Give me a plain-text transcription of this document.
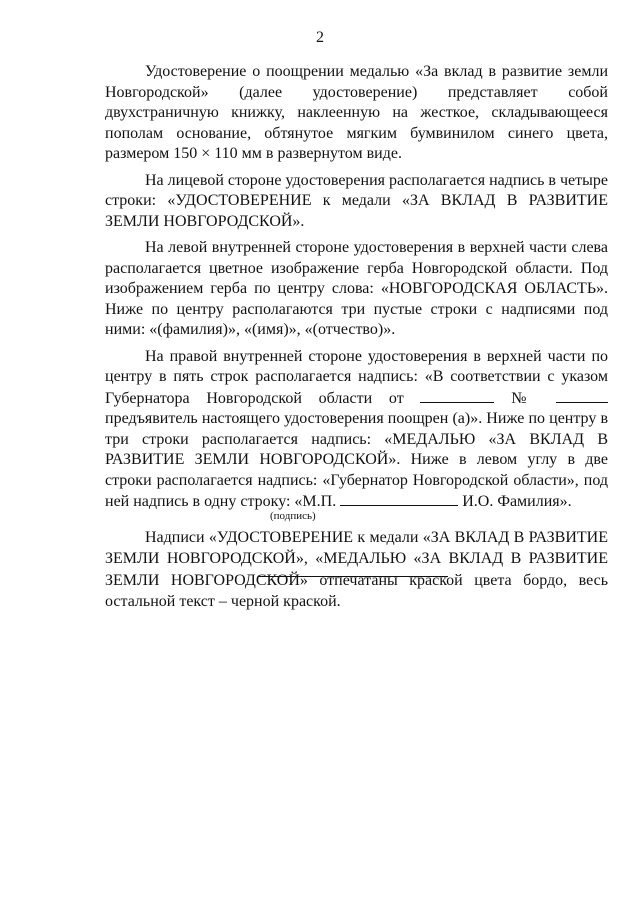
2

Удостоверение о поощрении медалью «За вклад в развитие земли Новгородской» (далее удостоверение) представляет собой двухстраничную книжку, наклеенную на жесткое, складывающееся пополам основание, обтянутое мягким бумвинилом синего цвета, размером 150 × 110 мм в развернутом виде.

На лицевой стороне удостоверения располагается надпись в четыре строки: «УДОСТОВЕРЕНИЕ к медали «ЗА ВКЛАД В РАЗВИТИЕ ЗЕМЛИ НОВГОРОДСКОЙ».

На левой внутренней стороне удостоверения в верхней части слева располагается цветное изображение герба Новгородской области. Под изображением герба по центру слова: «НОВГОРОДСКАЯ ОБЛАСТЬ». Ниже по центру располагаются три пустые строки с надписями под ними: «(фамилия)», «(имя)», «(отчество)».

На правой внутренней стороне удостоверения в верхней части по центру в пять строк располагается надпись: «В соответствии с указом Губернатора Новгородской области от	№  предъявитель настоящего удостоверения поощрен (а)». Ниже по центру в три строки располагается надпись: «МЕДАЛЬЮ «ЗА ВКЛАД В РАЗВИТИЕ ЗЕМЛИ НОВГОРОДСКОЙ». Ниже в левом углу в две строки располагается надпись: «Губернатор Новгородской области», под ней надпись в одну строку: «М.П.	И.О. Фамилия».
(подпись)

Надписи «УДОСТОВЕРЕНИЕ к медали «ЗА ВКЛАД В РАЗВИТИЕ ЗЕМЛИ НОВГОРОДСКОЙ», «МЕДАЛЬЮ «ЗА ВКЛАД В РАЗВИТИЕ ЗЕМЛИ НОВГОРОДСКОЙ» отпечатаны краской цвета бордо, весь остальной текст – черной краской.
